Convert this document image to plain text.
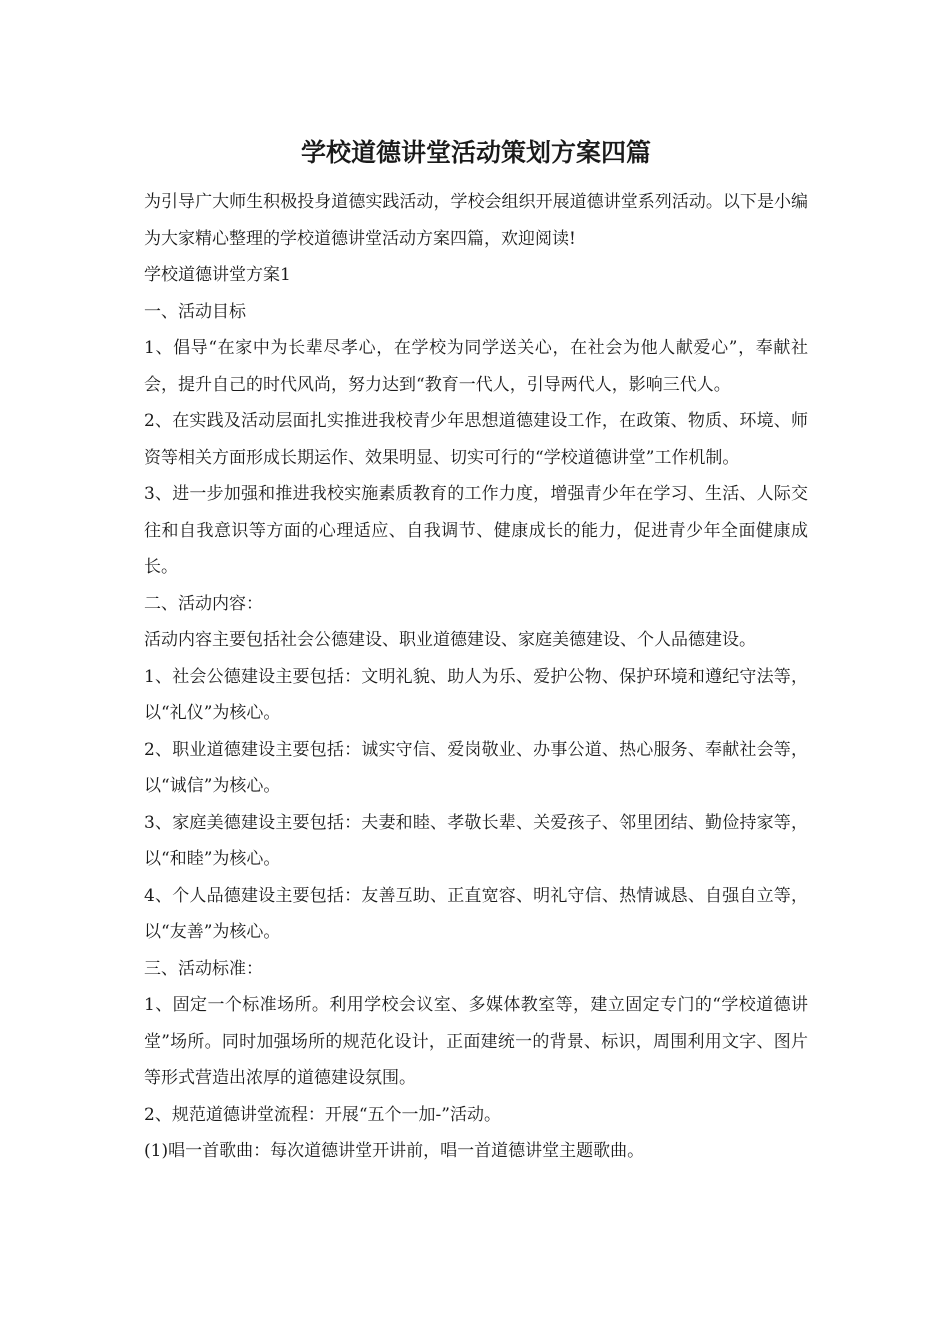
学校道德讲堂活动策划方案四篇

为引导广大师生积极投身道德实践活动，学校会组织开展道德讲堂系列活动。以下是小编为大家精心整理的学校道德讲堂活动方案四篇，欢迎阅读!

学校道德讲堂方案1

一、活动目标

1、倡导“在家中为长辈尽孝心，在学校为同学送关心，在社会为他人献爱心”，奉献社会，提升自己的时代风尚，努力达到“教育一代人，引导两代人，影响三代人。

2、在实践及活动层面扎实推进我校青少年思想道德建设工作，在政策、物质、环境、师资等相关方面形成长期运作、效果明显、切实可行的“学校道德讲堂”工作机制。

3、进一步加强和推进我校实施素质教育的工作力度，增强青少年在学习、生活、人际交往和自我意识等方面的心理适应、自我调节、健康成长的能力，促进青少年全面健康成长。

二、活动内容：

活动内容主要包括社会公德建设、职业道德建设、家庭美德建设、个人品德建设。

1、社会公德建设主要包括：文明礼貌、助人为乐、爱护公物、保护环境和遵纪守法等，以“礼仪”为核心。

2、职业道德建设主要包括：诚实守信、爱岗敬业、办事公道、热心服务、奉献社会等，以“诚信”为核心。

3、家庭美德建设主要包括：夫妻和睦、孝敬长辈、关爱孩子、邻里团结、勤俭持家等，以“和睦”为核心。

4、个人品德建设主要包括：友善互助、正直宽容、明礼守信、热情诚恳、自强自立等，以“友善”为核心。

三、活动标准：

1、固定一个标准场所。利用学校会议室、多媒体教室等，建立固定专门的“学校道德讲堂”场所。同时加强场所的规范化设计，正面建统一的背景、标识，周围利用文字、图片等形式营造出浓厚的道德建设氛围。

2、规范道德讲堂流程：开展“五个一加-”活动。

(1)唱一首歌曲：每次道德讲堂开讲前，唱一首道德讲堂主题歌曲。
